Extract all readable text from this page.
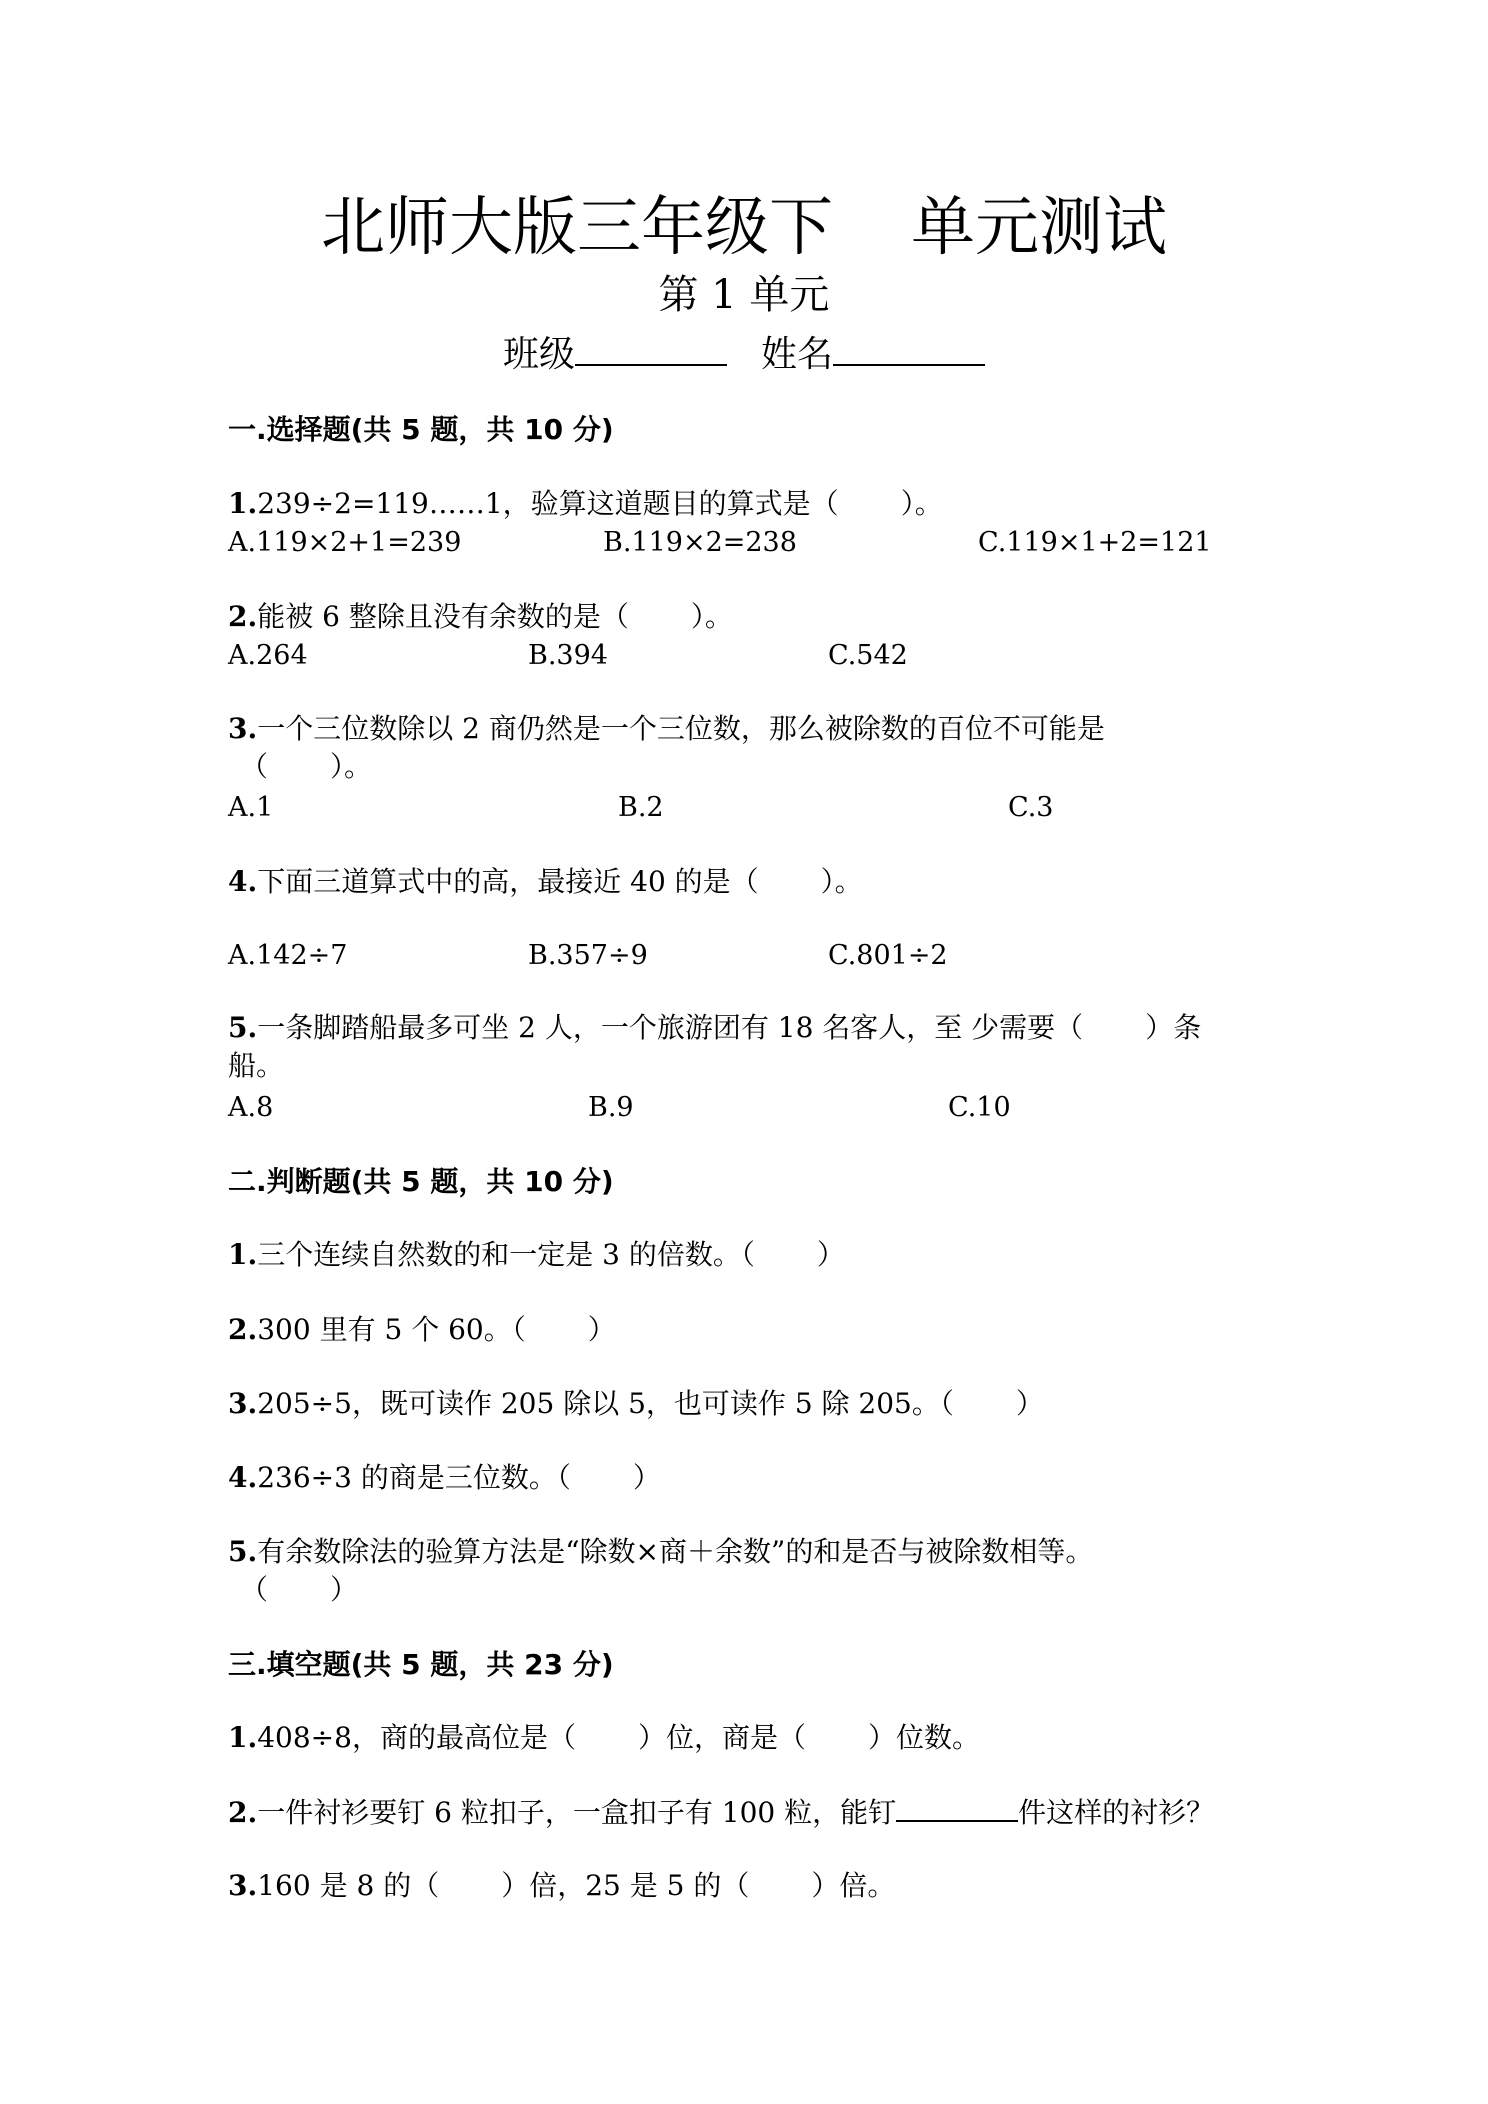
北师大版三年级下 单元测试
第 1 单元
班级	姓名
一.选择题(共 5 题，共 10 分)
1.239÷2=119……1，验算这道题目的算式是（ ）。
A.119×2+1=239	B.119×2=238	C.119×1+2=121
2.能被 6 整除且没有余数的是（ ）。
A.264	B.394	C.542
3.一个三位数除以 2 商仍然是一个三位数，那么被除数的百位不可能是
（ ）。
A.1	B.2	C.3
4.下面三道算式中的高，最接近 40 的是（ ）。
A.142÷7	B.357÷9	C.801÷2
5.一条脚踏船最多可坐 2 人，一个旅游团有 18 名客人，至 少需要（ ）条
船。
A.8	B.9	C.10
二.判断题(共 5 题，共 10 分)
1.三个连续自然数的和一定是 3 的倍数。（ ）
2.300 里有 5 个 60。（ ）
3.205÷5，既可读作 205 除以 5，也可读作 5 除 205。（ ）
4.236÷3 的商是三位数。（ ）
5.有余数除法的验算方法是“除数×商＋余数”的和是否与被除数相等。
（ ）
三.填空题(共 5 题，共 23 分)
1.408÷8，商的最高位是（ ）位，商是（ ）位数。
2.一件衬衫要钉 6 粒扣子，一盒扣子有 100 粒，能钉	件这样的衬衫？
3.160 是 8 的（ ）倍，25 是 5 的（ ）倍。
